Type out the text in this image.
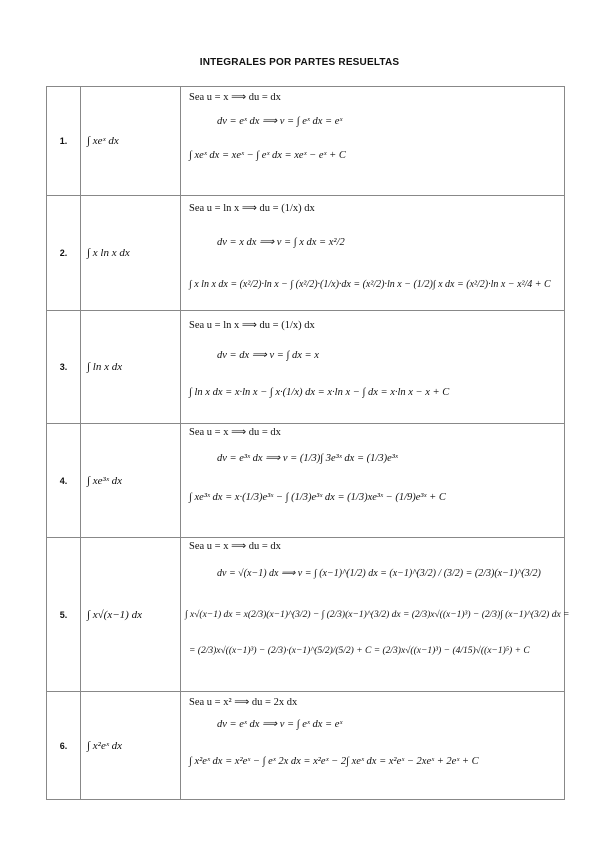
INTEGRALES POR PARTES RESUELTAS
1.	∫ xeˣ dx	Sea u = x ⟹ du = dx
dv = eˣ dx ⟹ v = ∫ eˣ dx = eˣ
∫ xeˣ dx = xeˣ − ∫ eˣ dx = xeˣ − eˣ + C

2.	∫ x ln x dx	Sea u = ln x ⟹ du = (1/x) dx
dv = x dx ⟹ v = ∫ x dx = x²/2
∫ x ln x dx = (x²/2)·ln x − ∫ (x²/2)·(1/x)·dx = (x²/2)·ln x − (1/2)∫ x dx = (x²/2)·ln x − x²/4 + C

3.	∫ ln x dx	Sea u = ln x ⟹ du = (1/x) dx
dv = dx ⟹ v = ∫ dx = x
∫ ln x dx = x·ln x − ∫ x·(1/x) dx = x·ln x − ∫ dx = x·ln x − x + C

4.	∫ xe³ˣ dx	Sea u = x ⟹ du = dx
dv = e³ˣ dx ⟹ v = (1/3)∫ 3e³ˣ dx = (1/3)e³ˣ
∫ xe³ˣ dx = x·(1/3)e³ˣ − ∫ (1/3)e³ˣ dx = (1/3)xe³ˣ − (1/9)e³ˣ + C

5.	∫ x√(x−1) dx	Sea u = x ⟹ du = dx
dv = √(x−1) dx ⟹ v = ∫ (x−1)^(1/2) dx = (x−1)^(3/2) / (3/2) = (2/3)(x−1)^(3/2)
∫ x√(x−1) dx = x(2/3)(x−1)^(3/2) − ∫ (2/3)(x−1)^(3/2) dx = (2/3)x√((x−1)³) − (2/3)∫ (x−1)^(3/2) dx =
= (2/3)x√((x−1)³) − (2/3)·(x−1)^(5/2)/(5/2) + C = (2/3)x√((x−1)³) − (4/15)√((x−1)⁵) + C

6.	∫ x²eˣ dx	Sea u = x² ⟹ du = 2x dx
dv = eˣ dx ⟹ v = ∫ eˣ dx = eˣ
∫ x²eˣ dx = x²eˣ − ∫ eˣ 2x dx = x²eˣ − 2∫ xeˣ dx = x²eˣ − 2xeˣ + 2eˣ + C
